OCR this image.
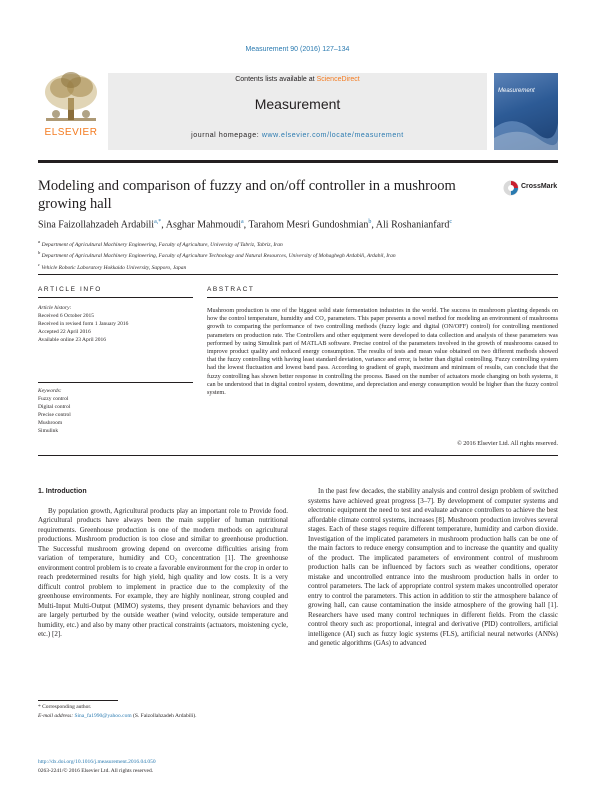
Measurement 90 (2016) 127–134
ELSEVIER
Contents lists available at ScienceDirect
Measurement
journal homepage: www.elsevier.com/locate/measurement
Measurement
Modeling and comparison of fuzzy and on/off controller in a mushroom growing hall
CrossMark
Sina Faizollahzadeh Ardabili$^{a,*}$, Asghar Mahmoudi$^a$, Tarahom Mesri Gundoshmian$^b$, Ali Roshanianfard$^c$
$^a$ Department of Agricultural Machinery Engineering, Faculty of Agriculture, University of Tabriz, Tabriz, Iran
$^b$ Department of Agricultural Machinery Engineering, Faculty of Agriculture Technology and Natural Resources, University of Mohaghegh Ardabili, Ardabil, Iran
$^c$ Vehicle Robotic Laboratory Hokkaido University, Sapporo, Japan
ARTICLE INFO	ABSTRACT
Article history:
Received 6 October 2015
Received in revised form 1 January 2016
Accepted 22 April 2016
Available online 23 April 2016
Keywords:
Fuzzy control
Digital control
Precise control
Mushroom
Simulink
Mushroom production is one of the biggest solid state fermentation industries in the world. The success in mushroom planting depends on how the control temperature, humidity and CO₂ parameters. This paper presents a novel method for modeling an environment of mushrooms growth to comparing the performance of two controlling methods (fuzzy logic and digital (ON/OFF) control) for controlling mentioned parameters on production rate. The Controllers and other equipment were developed to data collection and analysis of these parameters was performed by using Simulink part of MATLAB software. Precise control of the parameters involved in the growth of mushrooms caused to improve product quality and reduced energy consumption. The results of tests and mean value obtained on two different methods showed that the fuzzy controlling with having least standard deviation, variance and error, is better than digital controlling. Fuzzy controlling system had the lowest fluctuation and lowest band pass. According to gradient of graph, maximum and minimum of results, can conclude that the fuzzy controlling has shown better response in controlling the process. Based on the number of actuators mode changing on both systems, it can be understood that in digital control system, downtime, and depreciation and energy consumption would be higher than the fuzzy control system.
© 2016 Elsevier Ltd. All rights reserved.
1. Introduction

By population growth, Agricultural products play an important role to Provide food. Agricultural products have always been the main supplier of human nutritional requirements. Greenhouse production is one of the modern methods on agricultural productions. Mushroom production is too close and similar to greenhouse production. The Successful mushroom growing depend on overcome difficulties arising from variation of temperature, humidity and CO₂ concentration [1]. The greenhouse environment control problem is to create a favorable environment for the crop in order to reach predetermined results for high yield, high quality and low costs. It is a very difficult control problem to implement in practice due to the complexity of the greenhouse environments. For example, they are highly nonlinear, strong coupled and Multi-Input Multi-Output (MIMO) systems, they present dynamic behaviors and they are largely perturbed by the outside weather (wind velocity, outside temperature and humidity, etc.) and also by many other practical constraints (actuators, moistening cycle, etc.) [2].

In the past few decades, the stability analysis and control design problem of switched systems have achieved great progress [3–7]. By development of computer systems and electronic equipment the need to test and evaluate advance controllers to achieve the best affordable climate control systems, increases [8]. Mushroom production involves several stages. Each of these stages require different temperature, humidity and carbon dioxide. Investigation of the implicated parameters in mushroom production halls can be one of the main factors to reduce energy consumption and to increase the quantity and quality of the product. The implicated parameters of environment control of mushroom production halls can be influenced by factors such as weather conditions, operator mistake and uncontrolled entrance into the mushroom production halls in order to control parameters. The lack of appropriate control system makes uncontrolled operator entry to control the parameters. This action in addition to stir the atmosphere balance of growing hall, can cause contamination the inside atmosphere of the growing hall [1]. Researchers have used many control techniques in different fields. From the classic control theory such as: proportional, integral and derivative (PID) controllers, artificial intelligence (AI) such as fuzzy logic systems (FLS), artificial neural networks (ANNs) and genetic algorithms (GAs) to advanced

* Corresponding author.
E-mail address: Sina_fa1990@yahoo.com (S. Faizollahzadeh Ardabili).
http://dx.doi.org/10.1016/j.measurement.2016.04.050
0263-2241/© 2016 Elsevier Ltd. All rights reserved.
